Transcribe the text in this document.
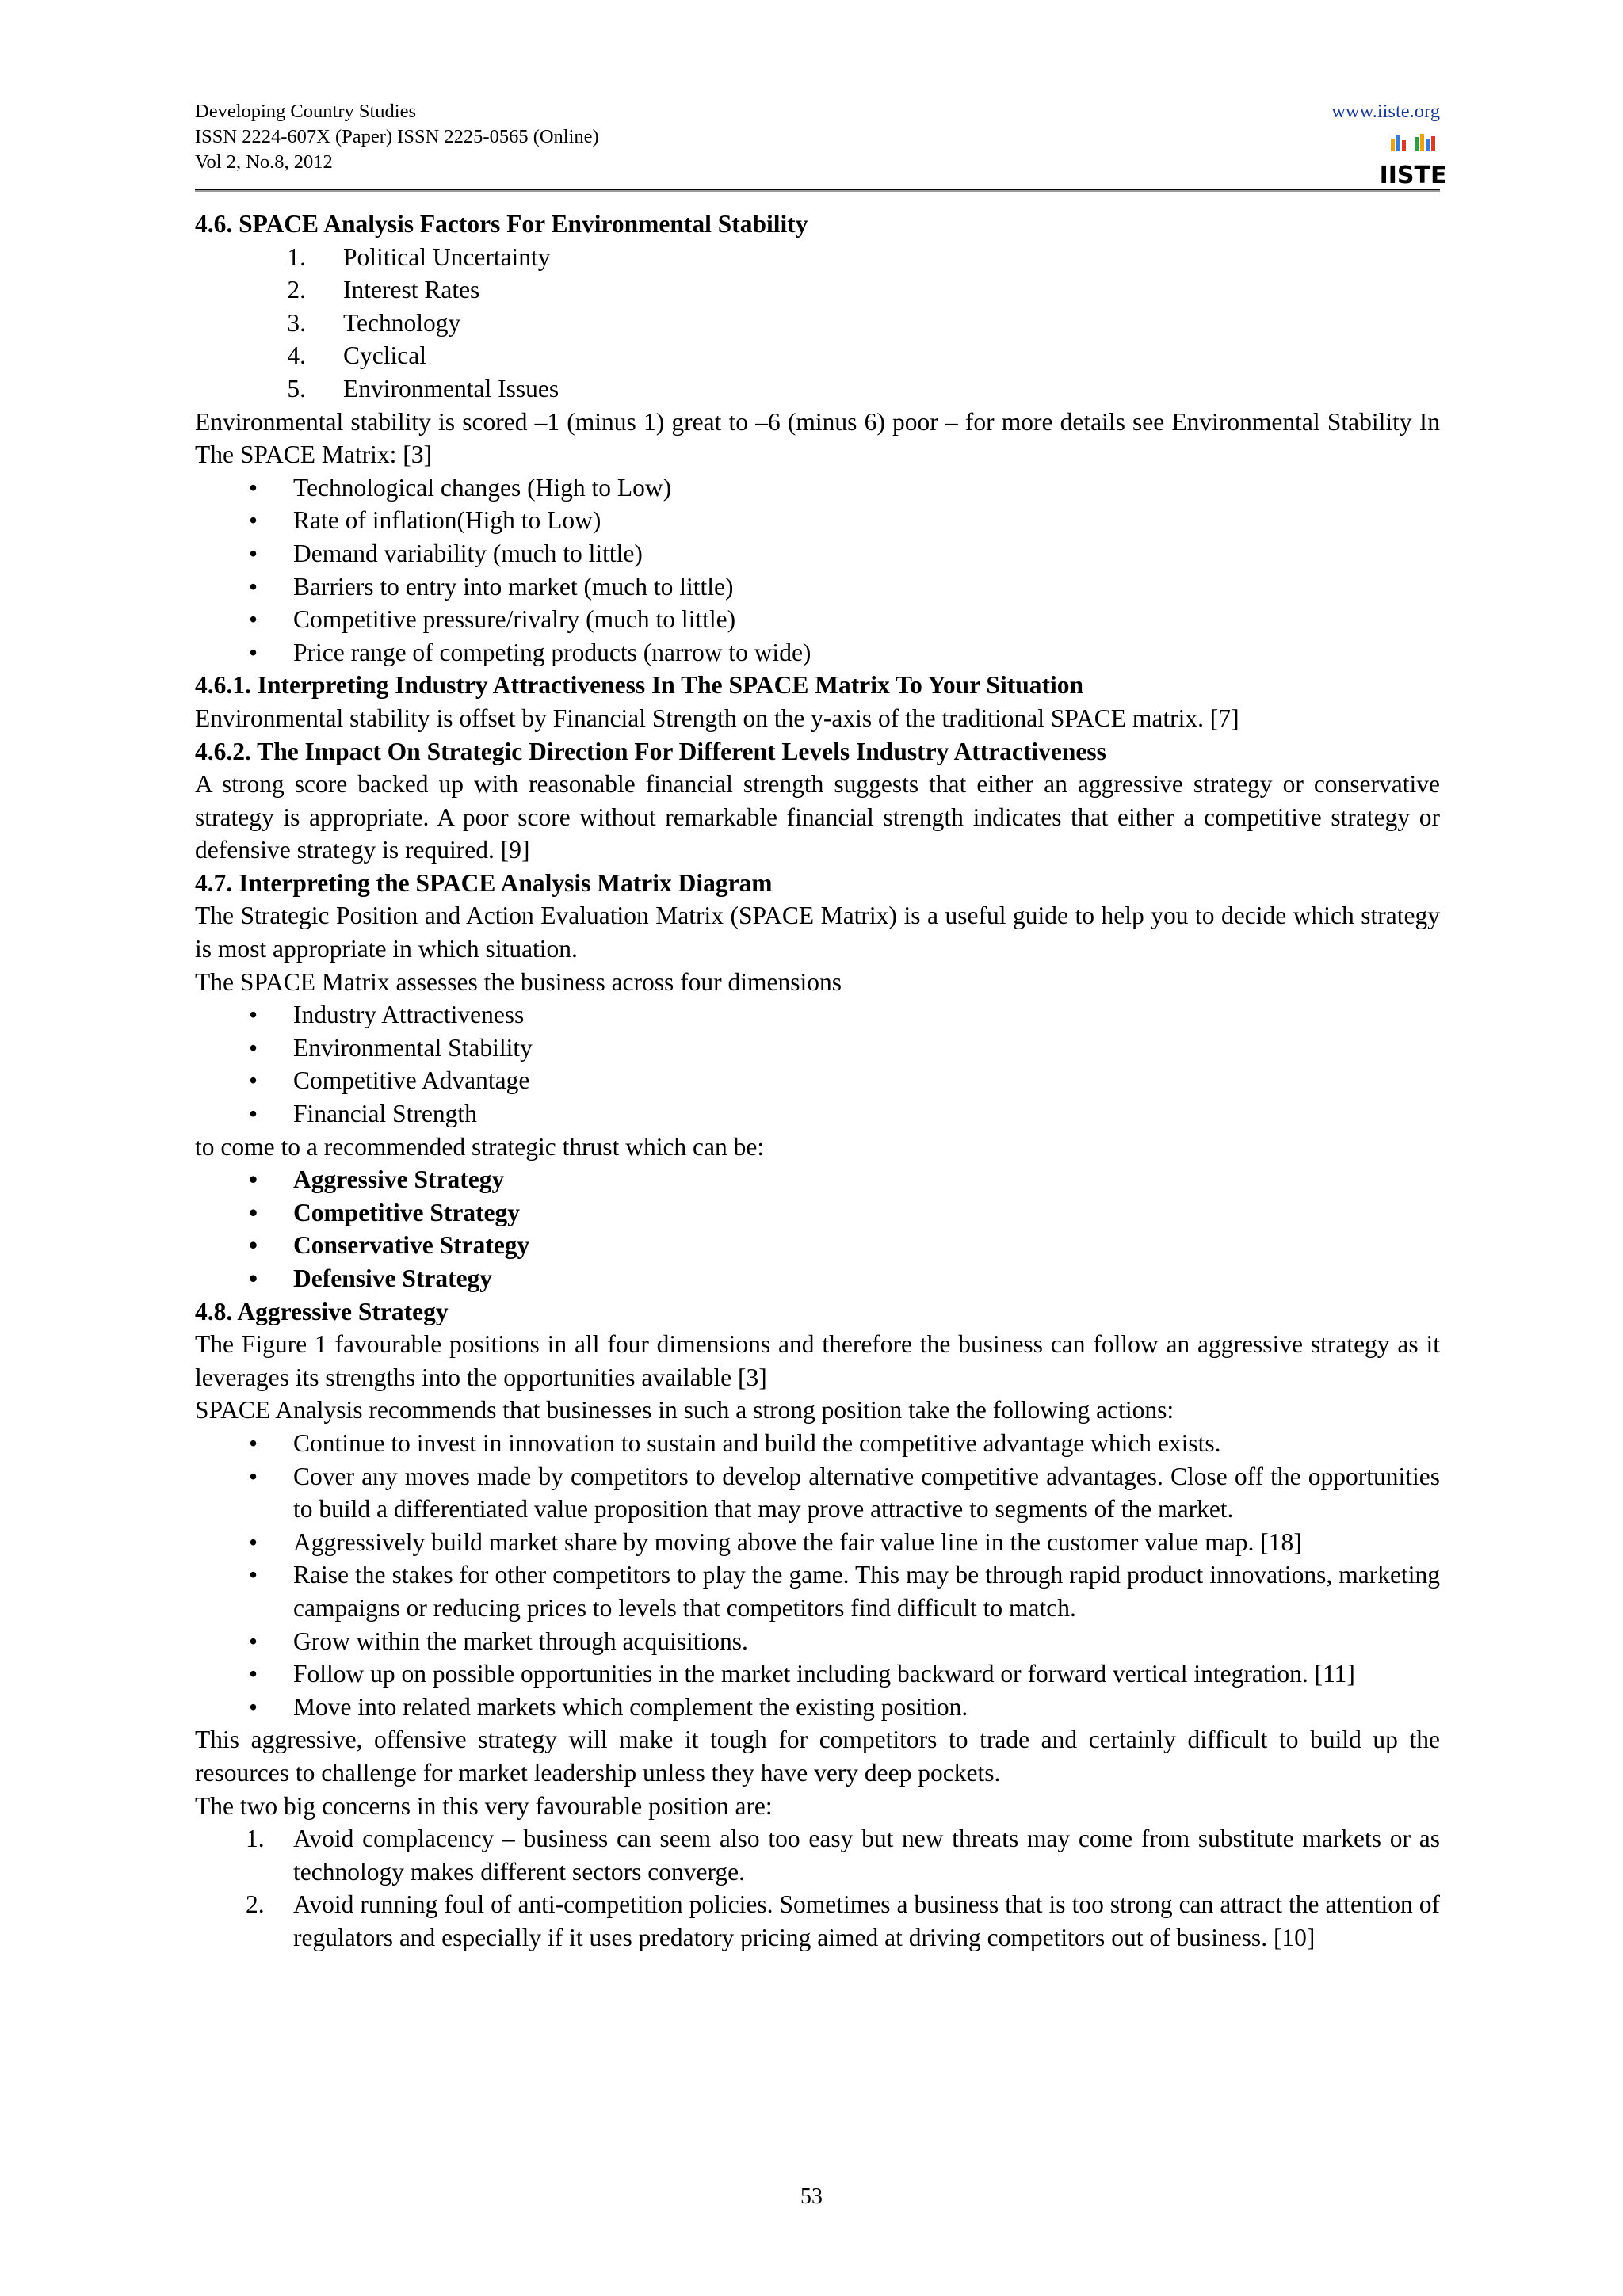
Developing Country Studies
ISSN 2224-607X (Paper) ISSN 2225-0565 (Online)
Vol 2, No.8, 2012
www.iiste.org
IISTE
4.6. SPACE Analysis Factors For Environmental Stability
1. Political Uncertainty
2. Interest Rates
3. Technology
4. Cyclical
5. Environmental Issues

Environmental stability is scored –1 (minus 1) great to –6 (minus 6) poor – for more details see Environmental Stability In The SPACE Matrix: [3]

• Technological changes (High to Low)
• Rate of inflation(High to Low)
• Demand variability (much to little)
• Barriers to entry into market (much to little)
• Competitive pressure/rivalry (much to little)
• Price range of competing products (narrow to wide)
4.6.1. Interpreting Industry Attractiveness In The SPACE Matrix To Your Situation

Environmental stability is offset by Financial Strength on the y-axis of the traditional SPACE matrix. [7]

4.6.2. The Impact On Strategic Direction For Different Levels Industry Attractiveness

A strong score backed up with reasonable financial strength suggests that either an aggressive strategy or conservative strategy is appropriate. A poor score without remarkable financial strength indicates that either a competitive strategy or defensive strategy is required. [9]

4.7. Interpreting the SPACE Analysis Matrix Diagram

The Strategic Position and Action Evaluation Matrix (SPACE Matrix) is a useful guide to help you to decide which strategy is most appropriate in which situation.

The SPACE Matrix assesses the business across four dimensions

• Industry Attractiveness
• Environmental Stability
• Competitive Advantage
• Financial Strength

to come to a recommended strategic thrust which can be:

• Aggressive Strategy
• Competitive Strategy
• Conservative Strategy
• Defensive Strategy
4.8. Aggressive Strategy

The Figure 1 favourable positions in all four dimensions and therefore the business can follow an aggressive strategy as it leverages its strengths into the opportunities available [3]

SPACE Analysis recommends that businesses in such a strong position take the following actions:

• Continue to invest in innovation to sustain and build the competitive advantage which exists.
• Cover any moves made by competitors to develop alternative competitive advantages. Close off the opportunities to build a differentiated value proposition that may prove attractive to segments of the market.
• Aggressively build market share by moving above the fair value line in the customer value map. [18]
• Raise the stakes for other competitors to play the game. This may be through rapid product innovations, marketing campaigns or reducing prices to levels that competitors find difficult to match.
• Grow within the market through acquisitions.
• Follow up on possible opportunities in the market including backward or forward vertical integration. [11]
• Move into related markets which complement the existing position.

This aggressive, offensive strategy will make it tough for competitors to trade and certainly difficult to build up the resources to challenge for market leadership unless they have very deep pockets.

The two big concerns in this very favourable position are:

1. Avoid complacency – business can seem also too easy but new threats may come from substitute markets or as technology makes different sectors converge.
2. Avoid running foul of anti-competition policies. Sometimes a business that is too strong can attract the attention of regulators and especially if it uses predatory pricing aimed at driving competitors out of business. [10]
53
